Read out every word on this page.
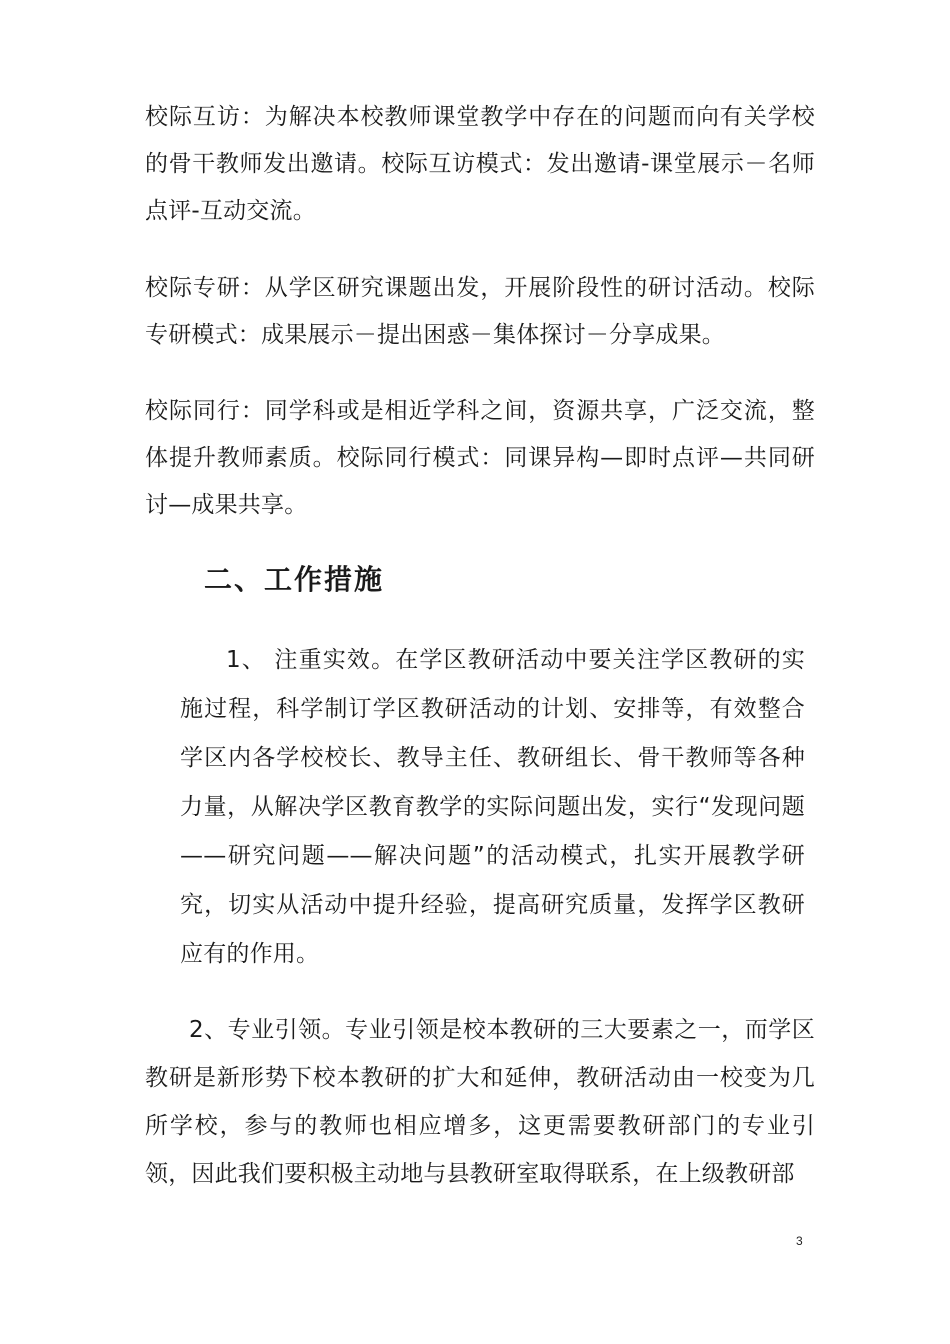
校际互访：为解决本校教师课堂教学中存在的问题而向有关学校的骨干教师发出邀请。校际互访模式：发出邀请-课堂展示－名师点评-互动交流。

校际专研：从学区研究课题出发，开展阶段性的研讨活动。校际专研模式：成果展示－提出困惑－集体探讨－分享成果。

校际同行：同学科或是相近学科之间，资源共享，广泛交流，整体提升教师素质。校际同行模式：同课异构—即时点评—共同研讨—成果共享。

二、工作措施

1、 注重实效。在学区教研活动中要关注学区教研的实施过程，科学制订学区教研活动的计划、安排等，有效整合学区内各学校校长、教导主任、教研组长、骨干教师等各种力量，从解决学区教育教学的实际问题出发，实行“发现问题——研究问题——解决问题”的活动模式，扎实开展教学研究，切实从活动中提升经验，提高研究质量，发挥学区教研应有的作用。

2、专业引领。专业引领是校本教研的三大要素之一，而学区教研是新形势下校本教研的扩大和延伸，教研活动由一校变为几所学校，参与的教师也相应增多，这更需要教研部门的专业引领，因此我们要积极主动地与县教研室取得联系，在上级教研部

3
